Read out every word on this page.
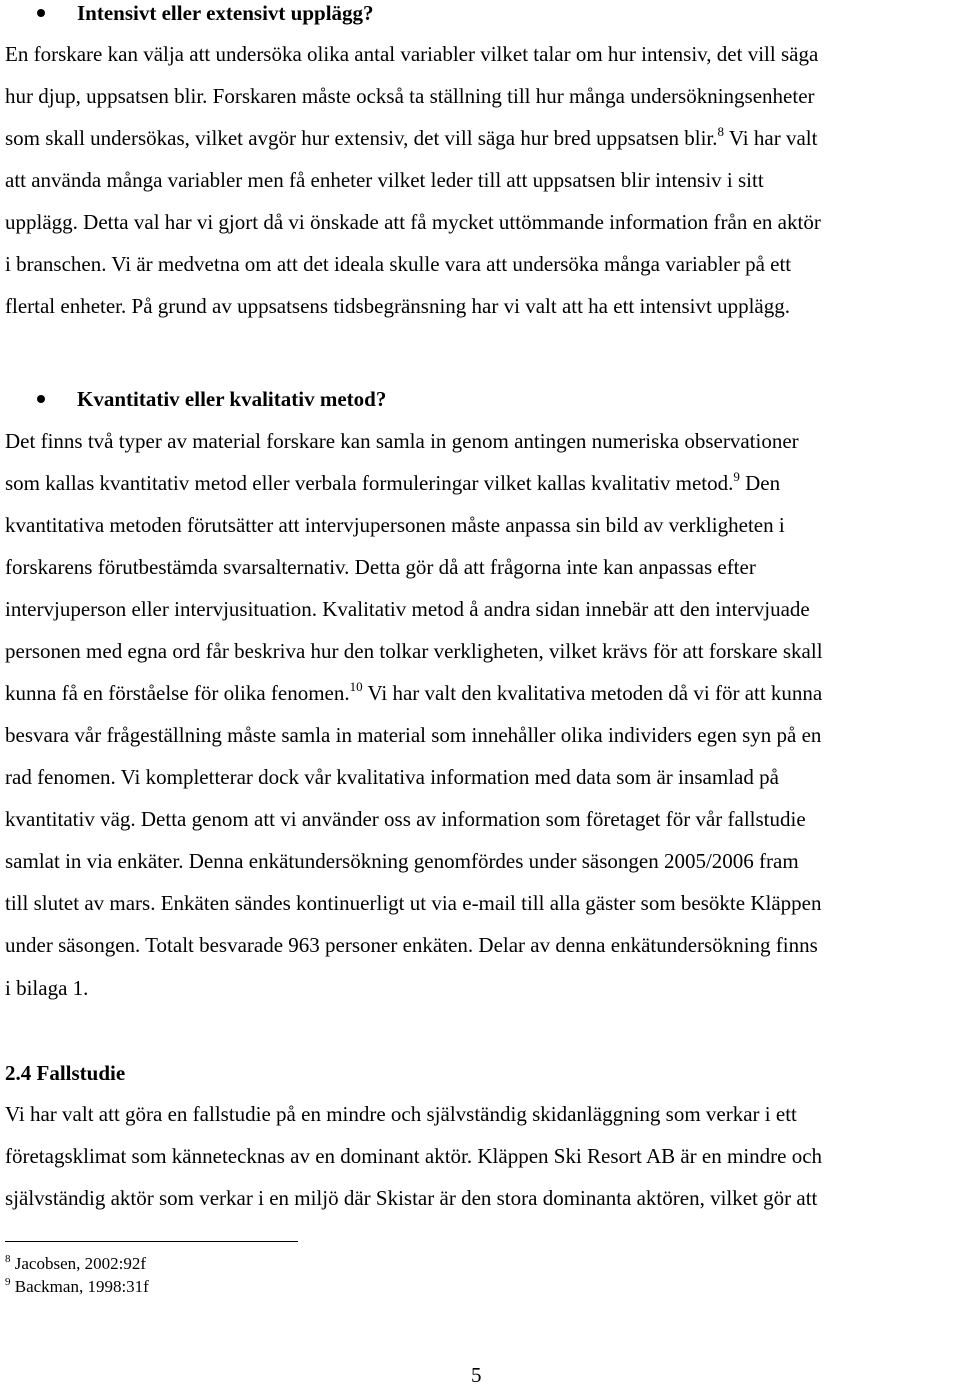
Intensivt eller extensivt upplägg?
En forskare kan välja att undersöka olika antal variabler vilket talar om hur intensiv, det vill säga
hur djup, uppsatsen blir. Forskaren måste också ta ställning till hur många undersökningsenheter
som skall undersökas, vilket avgör hur extensiv, det vill säga hur bred uppsatsen blir.$^8$ Vi har valt
att använda många variabler men få enheter vilket leder till att uppsatsen blir intensiv i sitt
upplägg. Detta val har vi gjort då vi önskade att få mycket uttömmande information från en aktör
i branschen. Vi är medvetna om att det ideala skulle vara att undersöka många variabler på ett
flertal enheter. På grund av uppsatsens tidsbegränsning har vi valt att ha ett intensivt upplägg.
Kvantitativ eller kvalitativ metod?
Det finns två typer av material forskare kan samla in genom antingen numeriska observationer
som kallas kvantitativ metod eller verbala formuleringar vilket kallas kvalitativ metod.$^9$ Den
kvantitativa metoden förutsätter att intervjupersonen måste anpassa sin bild av verkligheten i
forskarens förutbestämda svarsalternativ. Detta gör då att frågorna inte kan anpassas efter
intervjuperson eller intervjusituation. Kvalitativ metod å andra sidan innebär att den intervjuade
personen med egna ord får beskriva hur den tolkar verkligheten, vilket krävs för att forskare skall
kunna få en förståelse för olika fenomen.$^{10}$ Vi har valt den kvalitativa metoden då vi för att kunna
besvara vår frågeställning måste samla in material som innehåller olika individers egen syn på en
rad fenomen. Vi kompletterar dock vår kvalitativa information med data som är insamlad på
kvantitativ väg. Detta genom att vi använder oss av information som företaget för vår fallstudie
samlat in via enkäter. Denna enkätundersökning genomfördes under säsongen 2005/2006 fram
till slutet av mars. Enkäten sändes kontinuerligt ut via e-mail till alla gäster som besökte Kläppen
under säsongen. Totalt besvarade 963 personer enkäten. Delar av denna enkätundersökning finns
i bilaga 1.
2.4 Fallstudie
Vi har valt att göra en fallstudie på en mindre och självständig skidanläggning som verkar i ett
företagsklimat som kännetecknas av en dominant aktör. Kläppen Ski Resort AB är en mindre och
självständig aktör som verkar i en miljö där Skistar är den stora dominanta aktören, vilket gör att
$^8$ Jacobsen, 2002:92f
$^9$ Backman, 1998:31f
5
